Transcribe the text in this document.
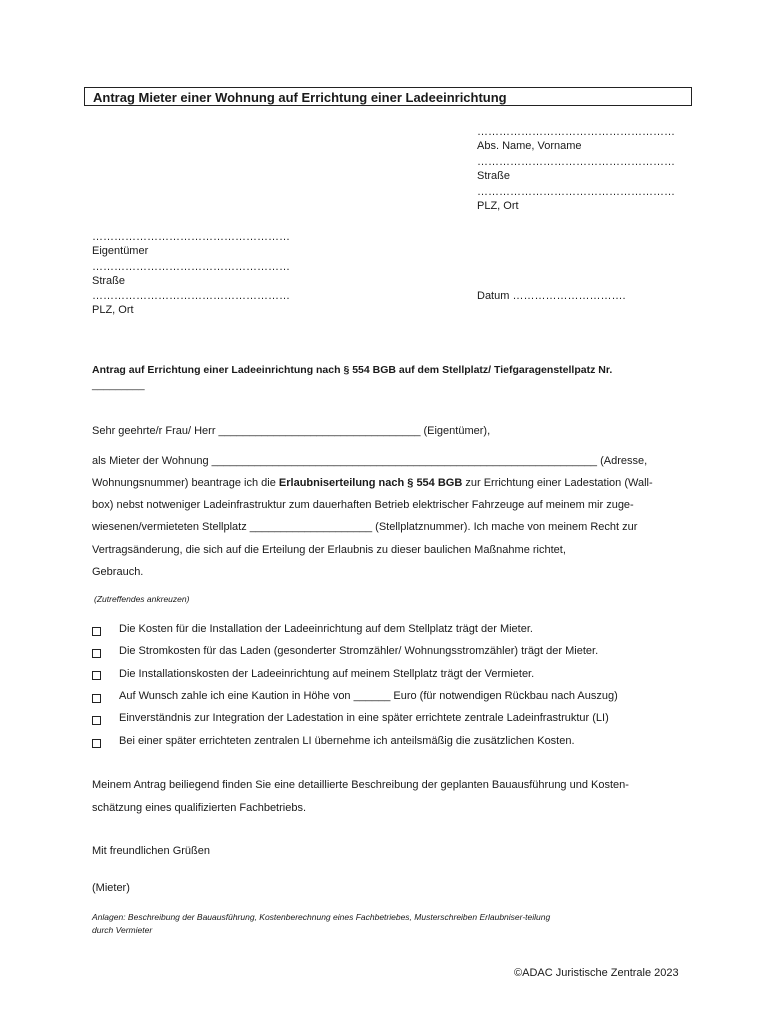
Antrag Mieter einer Wohnung auf Errichtung einer Ladeeinrichtung
………………………………………………
Abs. Name, Vorname
………………………………………………
Straße
………………………………………………
PLZ, Ort
………………………………………………
Eigentümer
………………………………………………
Straße
………………………………………………
PLZ, Ort
Datum ………………………….
Antrag auf Errichtung einer Ladeeinrichtung nach § 554 BGB auf dem Stellplatz/ Tiefgaragenstellpatz Nr.
_________
Sehr geehrte/r Frau/ Herr _________________________________ (Eigentümer),
als Mieter der Wohnung _______________________________________________________________ (Adresse,
Wohnungsnummer) beantrage ich die Erlaubniserteilung nach § 554 BGB zur Errichtung einer Ladestation (Wall-
box) nebst notweniger Ladeinfrastruktur zum dauerhaften Betrieb elektrischer Fahrzeuge auf meinem mir zuge-
wiesenen/vermieteten Stellplatz ____________________ (Stellplatznummer). Ich mache von meinem Recht zur
Vertragsänderung, die sich auf die Erteilung der Erlaubnis zu dieser baulichen Maßnahme richtet,
Gebrauch.
(Zutreffendes ankreuzen)
Die Kosten für die Installation der Ladeeinrichtung auf dem Stellplatz trägt der Mieter.
Die Stromkosten für das Laden (gesonderter Stromzähler/ Wohnungsstromzähler) trägt der Mieter.
Die Installationskosten der Ladeeinrichtung auf meinem Stellplatz trägt der Vermieter.
Auf Wunsch zahle ich eine Kaution in Höhe von ______ Euro (für notwendigen Rückbau nach Auszug)
Einverständnis zur Integration der Ladestation in eine später errichtete zentrale Ladeinfrastruktur (LI)
Bei einer später errichteten zentralen LI übernehme ich anteilsmäßig die zusätzlichen Kosten.
Meinem Antrag beiliegend finden Sie eine detaillierte Beschreibung der geplanten Bauausführung und Kosten-
schätzung eines qualifizierten Fachbetriebs.
Mit freundlichen Grüßen
(Mieter)
Anlagen: Beschreibung der Bauausführung, Kostenberechnung eines Fachbetriebes, Musterschreiben Erlaubniser-teilung
durch Vermieter
©ADAC Juristische Zentrale 2023
